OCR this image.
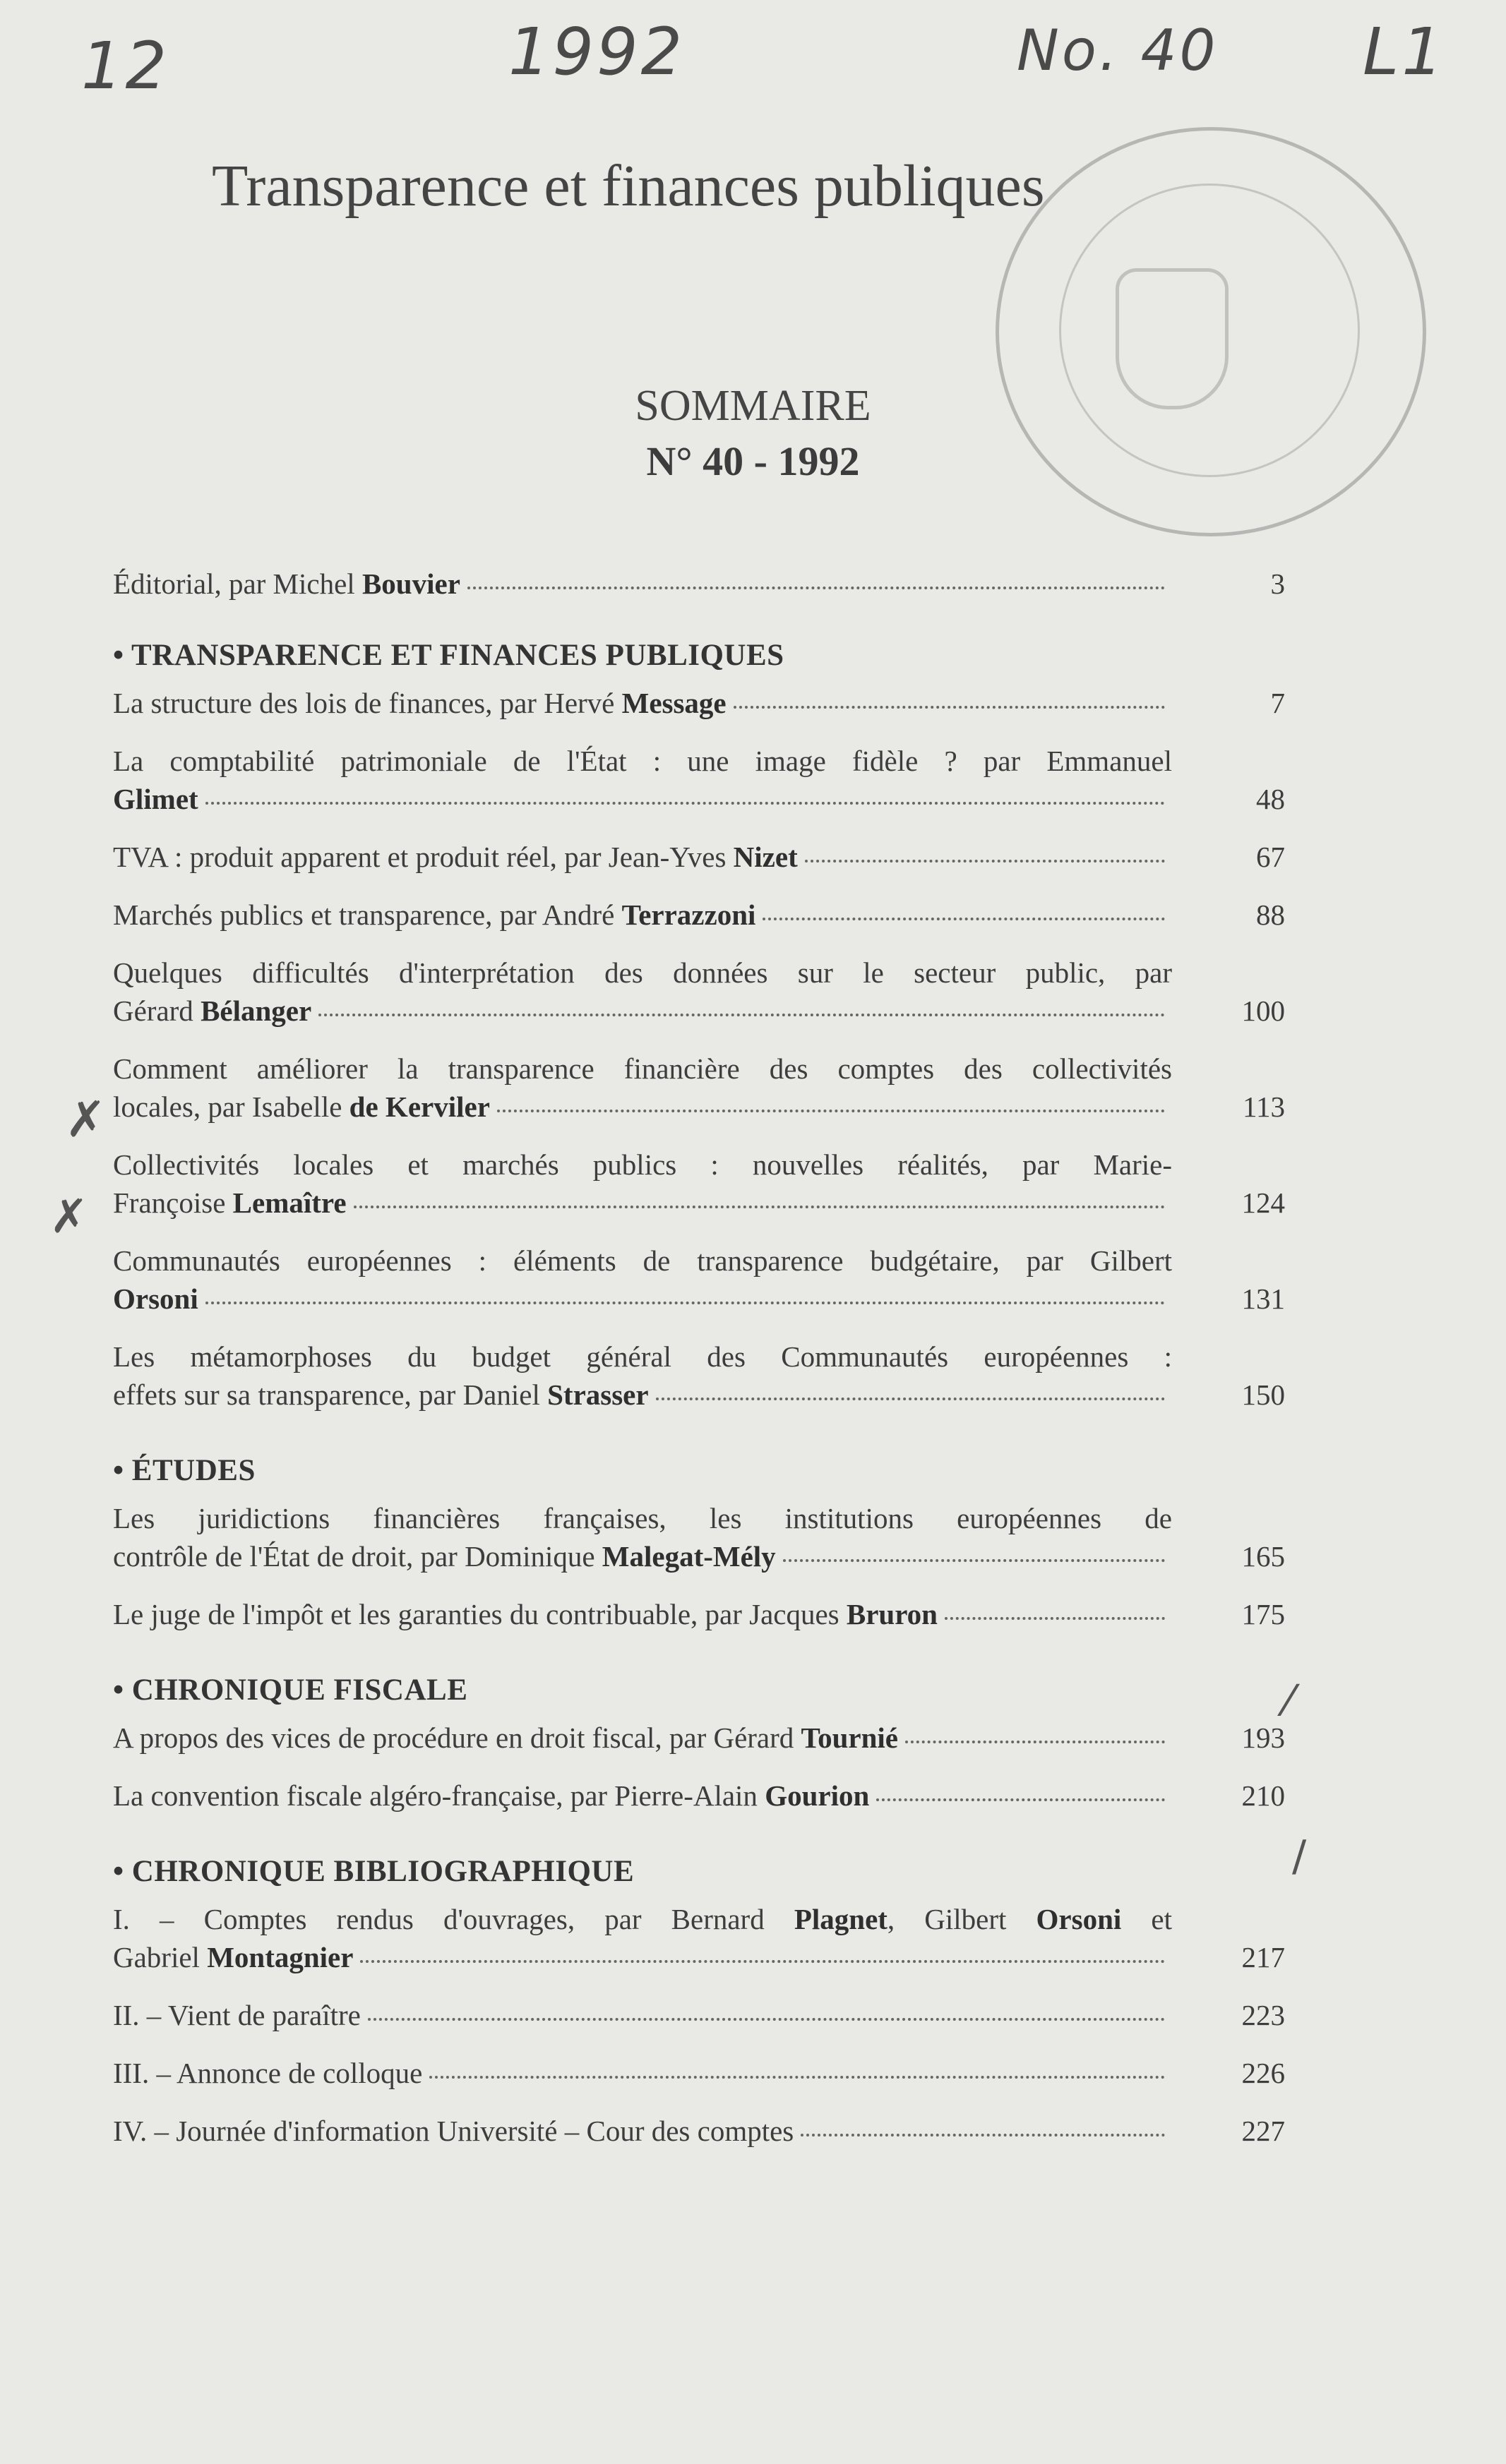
12	1992	No. 40 L1
Transparence et finances publiques
SOMMAIRE
N° 40 - 1992
Éditorial, par Michel Bouvier	3
• TRANSPARENCE ET FINANCES PUBLIQUES
La structure des lois de finances, par Hervé Message	7
La comptabilité patrimoniale de l'État : une image fidèle ? par Emmanuel
Glimet	48
TVA : produit apparent et produit réel, par Jean-Yves Nizet	67
Marchés publics et transparence, par André Terrazzoni	88
Quelques difficultés d'interprétation des données sur le secteur public, par
Gérard Bélanger	100
Comment améliorer la transparence financière des comptes des collectivités
locales, par Isabelle de Kerviler	113
Collectivités locales et marchés publics : nouvelles réalités, par Marie-
Françoise Lemaître	124
Communautés européennes : éléments de transparence budgétaire, par Gilbert
Orsoni	131
Les métamorphoses du budget général des Communautés européennes :
effets sur sa transparence, par Daniel Strasser	150
• ÉTUDES
Les juridictions financières françaises, les institutions européennes de
contrôle de l'État de droit, par Dominique Malegat-Mély	165
Le juge de l'impôt et les garanties du contribuable, par Jacques Bruron	175
• CHRONIQUE FISCALE
A propos des vices de procédure en droit fiscal, par Gérard Tournié	193
La convention fiscale algéro-française, par Pierre-Alain Gourion	210
• CHRONIQUE BIBLIOGRAPHIQUE
I. – Comptes rendus d'ouvrages, par Bernard Plagnet, Gilbert Orsoni et
Gabriel Montagnier	217
II. – Vient de paraître	223
III. – Annonce de colloque	226
IV. – Journée d'information Université – Cour des comptes	227
✗
✗
⁄
∕
